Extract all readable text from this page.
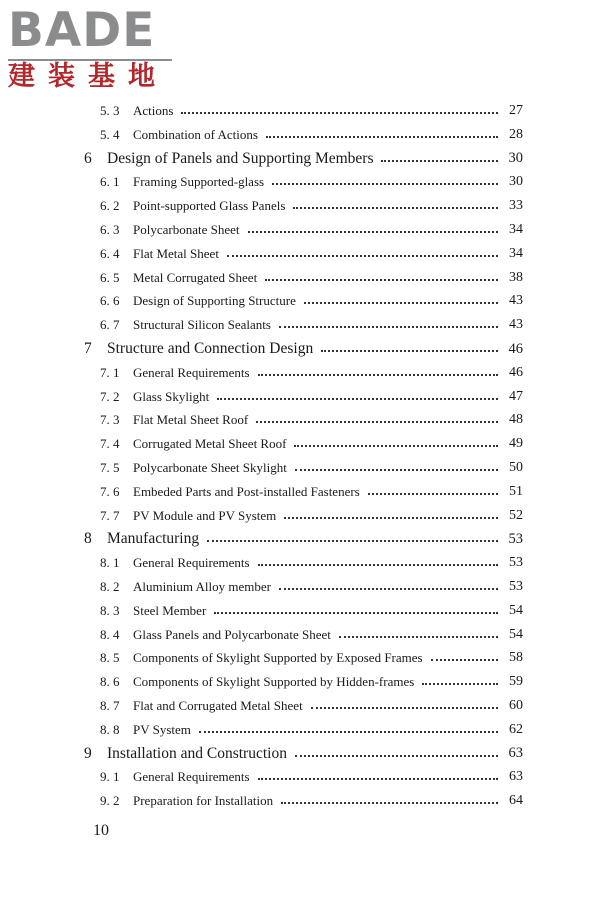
BADE
建装基地
5. 3 Actions	27
5. 4 Combination of Actions	28
6 Design of Panels and Supporting Members	30
6. 1 Framing Supported-glass	30
6. 2 Point-supported Glass Panels	33
6. 3 Polycarbonate Sheet	34
6. 4 Flat Metal Sheet	34
6. 5 Metal Corrugated Sheet	38
6. 6 Design of Supporting Structure	43
6. 7 Structural Silicon Sealants	43
7 Structure and Connection Design	46
7. 1 General Requirements	46
7. 2 Glass Skylight	47
7. 3 Flat Metal Sheet Roof	48
7. 4 Corrugated Metal Sheet Roof	49
7. 5 Polycarbonate Sheet Skylight	50
7. 6 Embeded Parts and Post-installed Fasteners	51
7. 7 PV Module and PV System	52
8 Manufacturing	53
8. 1 General Requirements	53
8. 2 Aluminium Alloy member	53
8. 3 Steel Member	54
8. 4 Glass Panels and Polycarbonate Sheet	54
8. 5 Components of Skylight Supported by Exposed Frames	58
8. 6 Components of Skylight Supported by Hidden-frames	59
8. 7 Flat and Corrugated Metal Sheet	60
8. 8 PV System	62
9 Installation and Construction	63
9. 1 General Requirements	63
9. 2 Preparation for Installation	64
10
